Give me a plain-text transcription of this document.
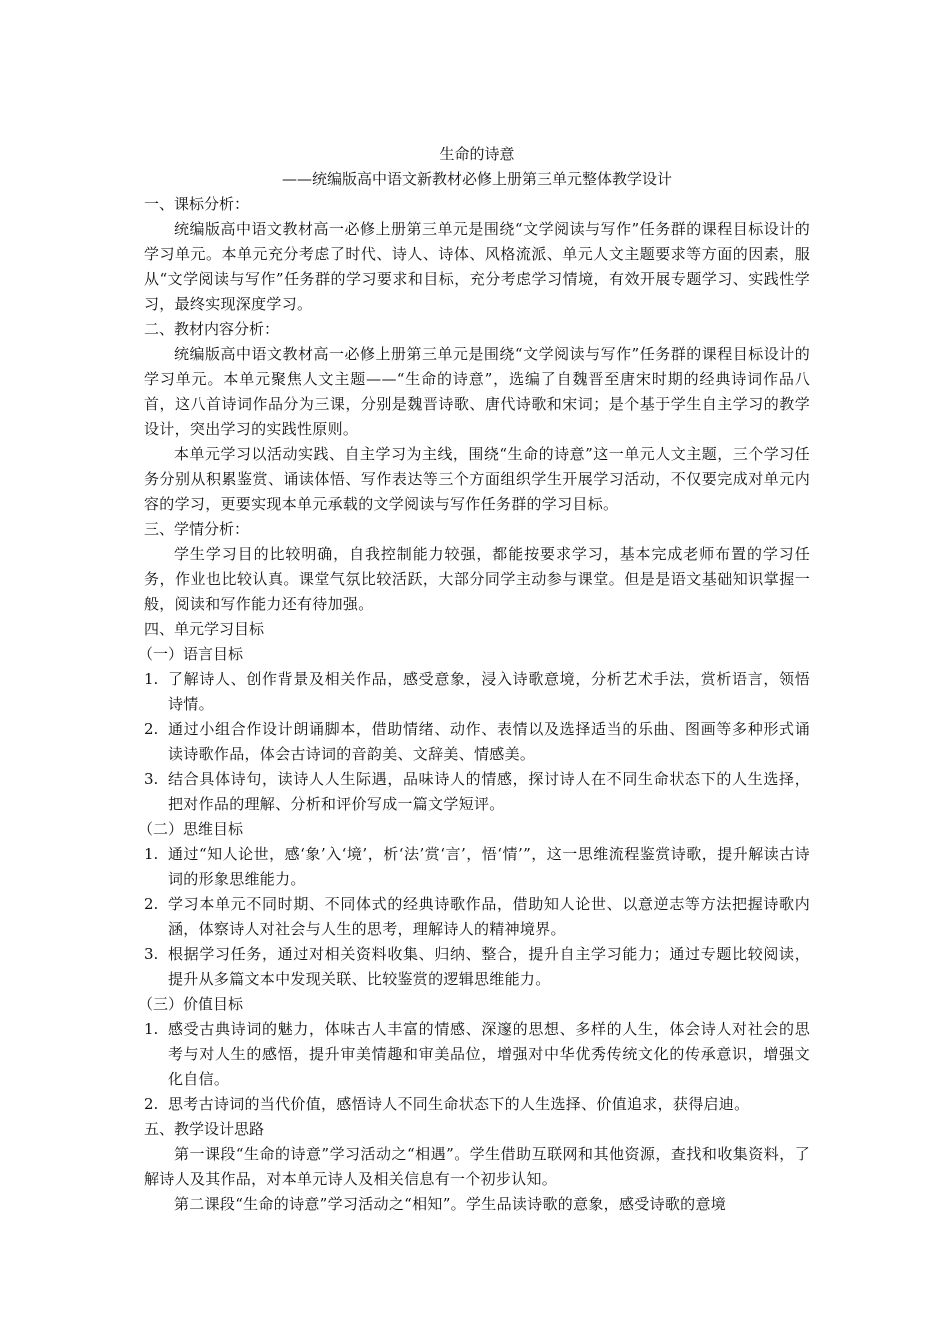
生命的诗意

——统编版高中语文新教材必修上册第三单元整体教学设计

一、课标分析：

统编版高中语文教材高一必修上册第三单元是围绕“文学阅读与写作”任务群的课程目标设计的学习单元。本单元充分考虑了时代、诗人、诗体、风格流派、单元人文主题要求等方面的因素，服从“文学阅读与写作”任务群的学习要求和目标，充分考虑学习情境，有效开展专题学习、实践性学习，最终实现深度学习。

二、教材内容分析：

统编版高中语文教材高一必修上册第三单元是围绕“文学阅读与写作”任务群的课程目标设计的学习单元。本单元聚焦人文主题——“生命的诗意”，选编了自魏晋至唐宋时期的经典诗词作品八首，这八首诗词作品分为三课，分别是魏晋诗歌、唐代诗歌和宋词；是个基于学生自主学习的教学设计，突出学习的实践性原则。

本单元学习以活动实践、自主学习为主线，围绕“生命的诗意”这一单元人文主题，三个学习任务分别从积累鉴赏、诵读体悟、写作表达等三个方面组织学生开展学习活动，不仅要完成对单元内容的学习，更要实现本单元承载的文学阅读与写作任务群的学习目标。

三、学情分析：

学生学习目的比较明确，自我控制能力较强，都能按要求学习，基本完成老师布置的学习任务，作业也比较认真。课堂气氛比较活跃，大部分同学主动参与课堂。但是是语文基础知识掌握一般，阅读和写作能力还有待加强。

四、单元学习目标

（一）语言目标

1. 了解诗人、创作背景及相关作品，感受意象，浸入诗歌意境，分析艺术手法，赏析语言，领悟诗情。
2. 通过小组合作设计朗诵脚本，借助情绪、动作、表情以及选择适当的乐曲、图画等多种形式诵读诗歌作品，体会古诗词的音韵美、文辞美、情感美。
3. 结合具体诗句，读诗人人生际遇，品味诗人的情感，探讨诗人在不同生命状态下的人生选择，把对作品的理解、分析和评价写成一篇文学短评。

（二）思维目标

1. 通过“知人论世，感‘象’入‘境’，析‘法’赏‘言’，悟‘情’”，这一思维流程鉴赏诗歌，提升解读古诗词的形象思维能力。
2. 学习本单元不同时期、不同体式的经典诗歌作品，借助知人论世、以意逆志等方法把握诗歌内涵，体察诗人对社会与人生的思考，理解诗人的精神境界。
3. 根据学习任务，通过对相关资料收集、归纳、整合，提升自主学习能力；通过专题比较阅读，提升从多篇文本中发现关联、比较鉴赏的逻辑思维能力。

（三）价值目标

1. 感受古典诗词的魅力，体味古人丰富的情感、深邃的思想、多样的人生，体会诗人对社会的思考与对人生的感悟，提升审美情趣和审美品位，增强对中华优秀传统文化的传承意识，增强文化自信。
2. 思考古诗词的当代价值，感悟诗人不同生命状态下的人生选择、价值追求，获得启迪。

五、教学设计思路

第一课段“生命的诗意”学习活动之“相遇”。学生借助互联网和其他资源，查找和收集资料，了解诗人及其作品，对本单元诗人及相关信息有一个初步认知。

第二课段“生命的诗意”学习活动之“相知”。学生品读诗歌的意象，感受诗歌的意境
